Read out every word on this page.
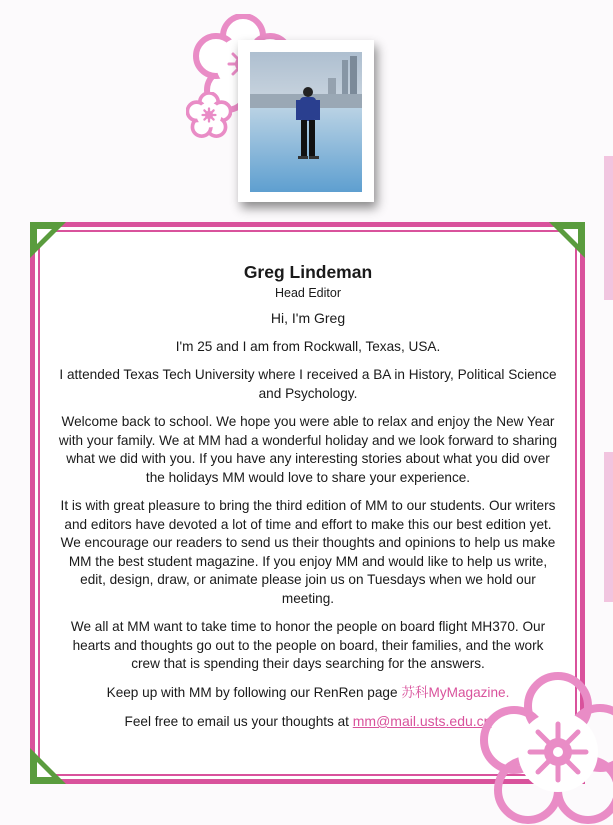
Greg Lindeman

Head Editor

Hi, I'm Greg

I'm 25 and I am from Rockwall, Texas, USA.

I attended Texas Tech University where I received a BA in History, Political Science and Psychology.

Welcome back to school. We hope you were able to relax and enjoy the New Year with your family. We at MM had a wonderful holiday and we look forward to sharing what we did with you. If you have any interesting stories about what you did over the holidays MM would love to share your experience.

It is with great pleasure to bring the third edition of MM to our students. Our writers and editors have devoted a lot of time and effort to make this our best edition yet. We encourage our readers to send us their thoughts and opinions to help us make MM the best student magazine. If you enjoy MM and would like to help us write, edit, design, draw, or animate please join us on Tuesdays when we hold our meeting.

We all at MM want to take time to honor the people on board flight MH370. Our hearts and thoughts go out to the people on board, their families, and the work crew that is spending their days searching for the answers.

Keep up with MM by following our RenRen page 苏科MyMagazine.

Feel free to email us your thoughts at mm@mail.usts.edu.cn
